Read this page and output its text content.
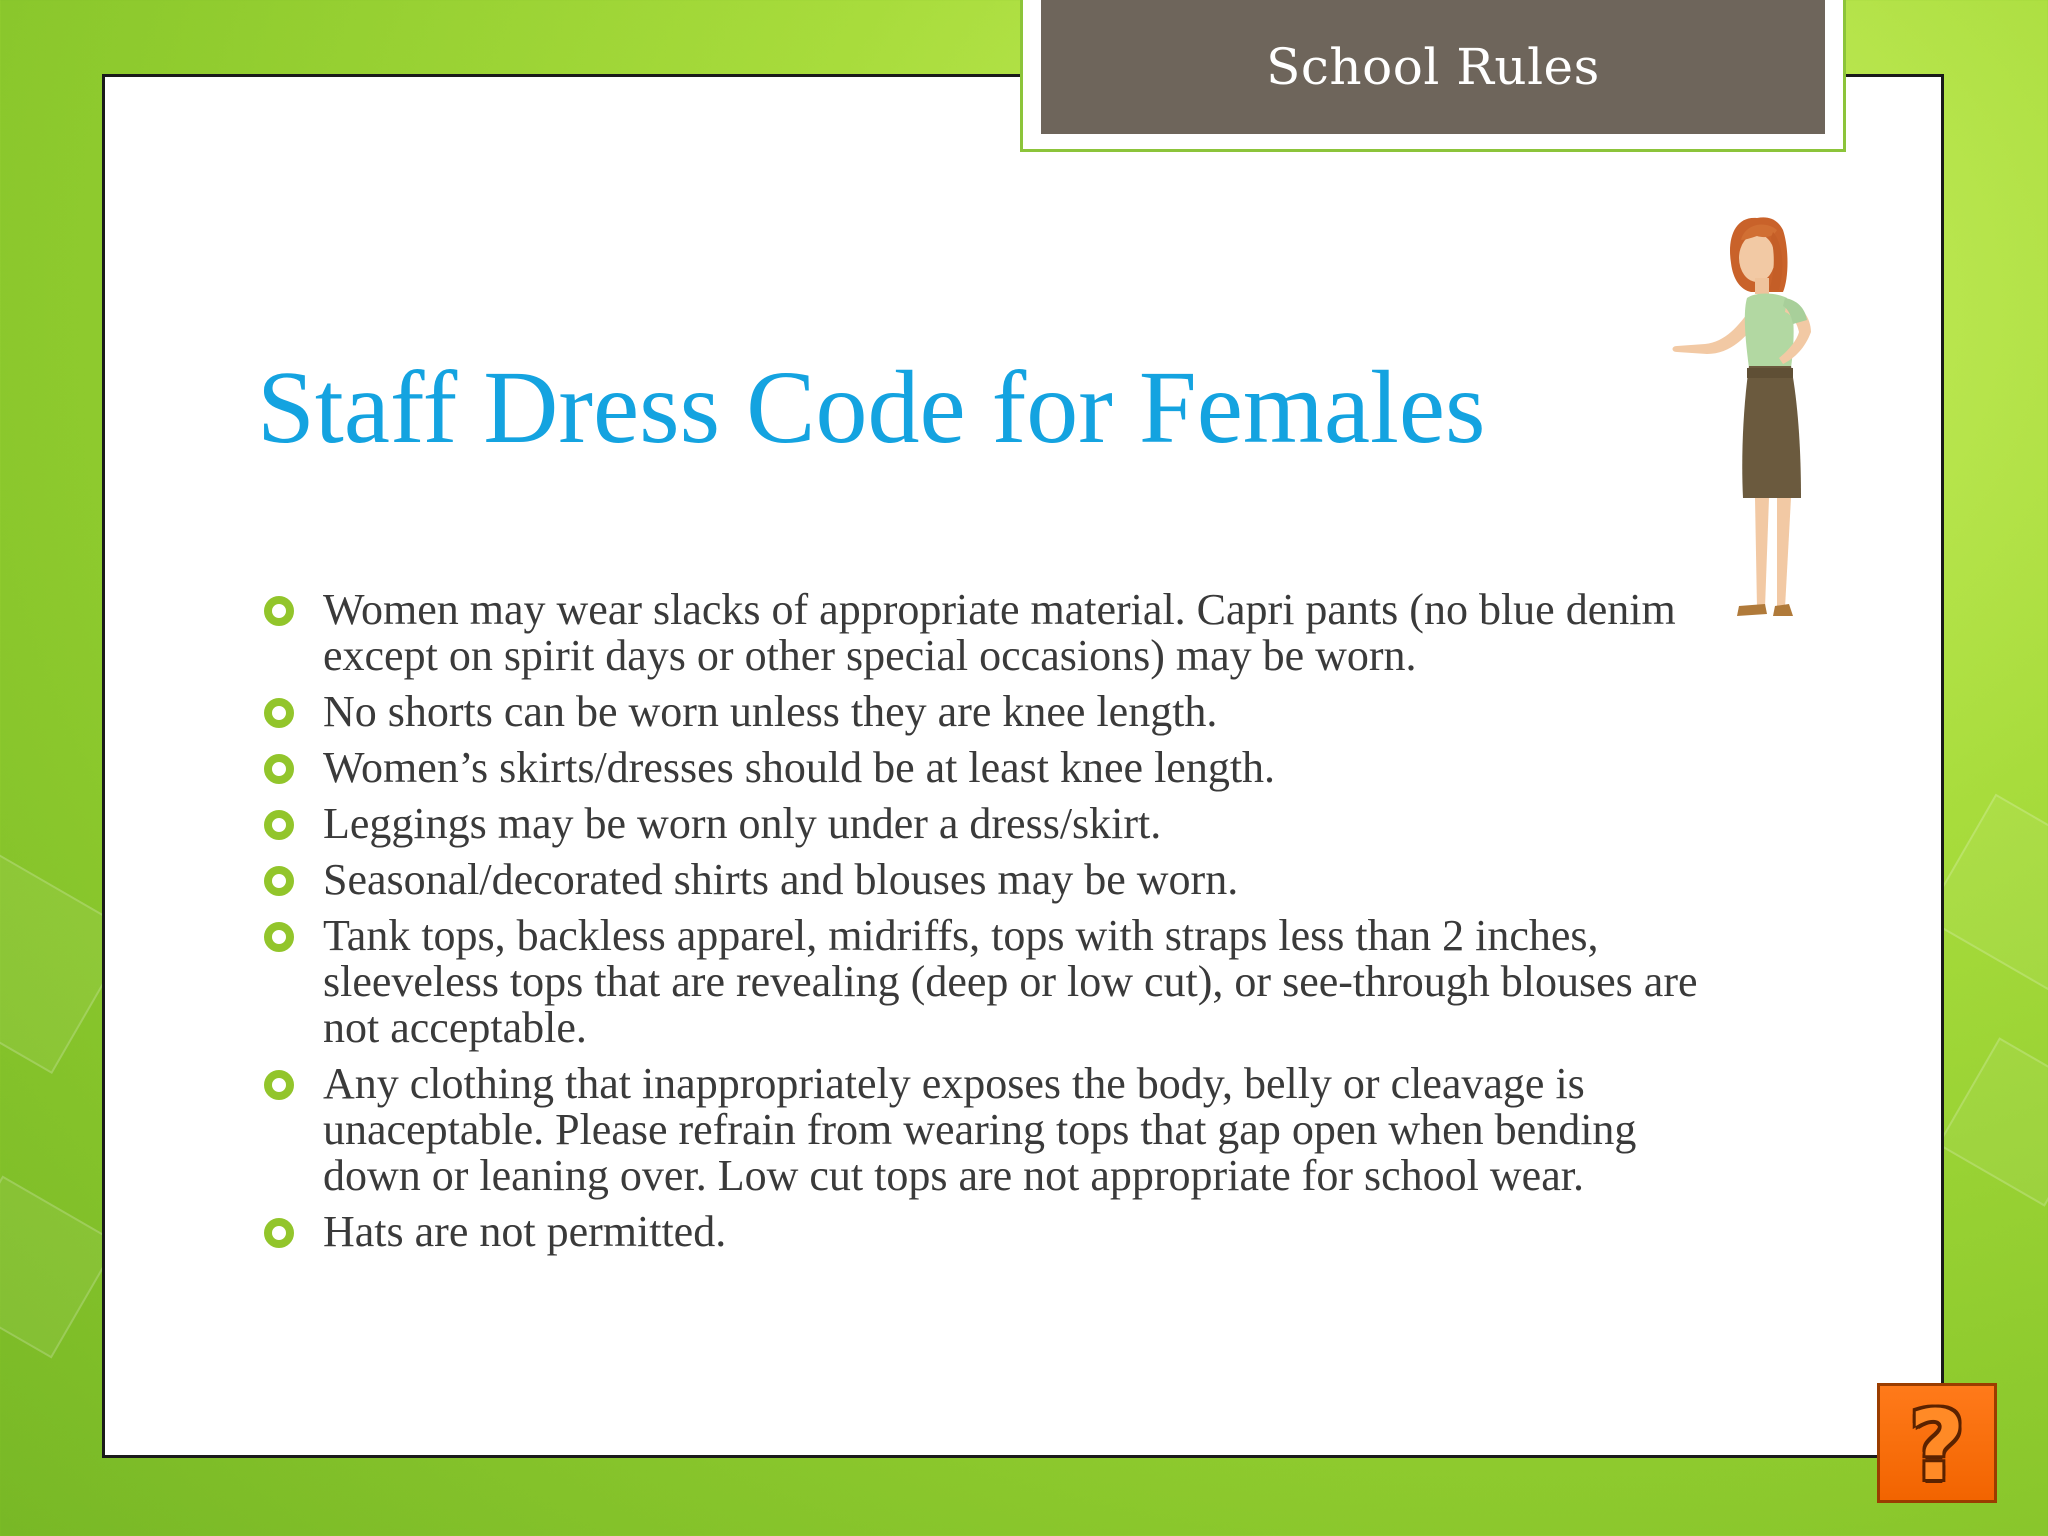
Staff Dress Code for Females
Women may wear slacks of appropriate material. Capri pants (no blue denim except on spirit days or other special occasions) may be worn.
No shorts can be worn unless they are knee length.
Women’s skirts/dresses should be at least knee length.
Leggings may be worn only under a dress/skirt.
Seasonal/decorated shirts and blouses may be worn.
Tank tops, backless apparel, midriffs, tops with straps less than 2 inches, sleeveless tops that are revealing (deep or low cut), or see-through blouses are not acceptable.
Any clothing that inappropriately exposes the body, belly or cleavage is unaceptable. Please refrain from wearing tops that gap open when bending down or leaning over. Low cut tops are not appropriate for school wear.
Hats are not permitted.
?
School Rules
